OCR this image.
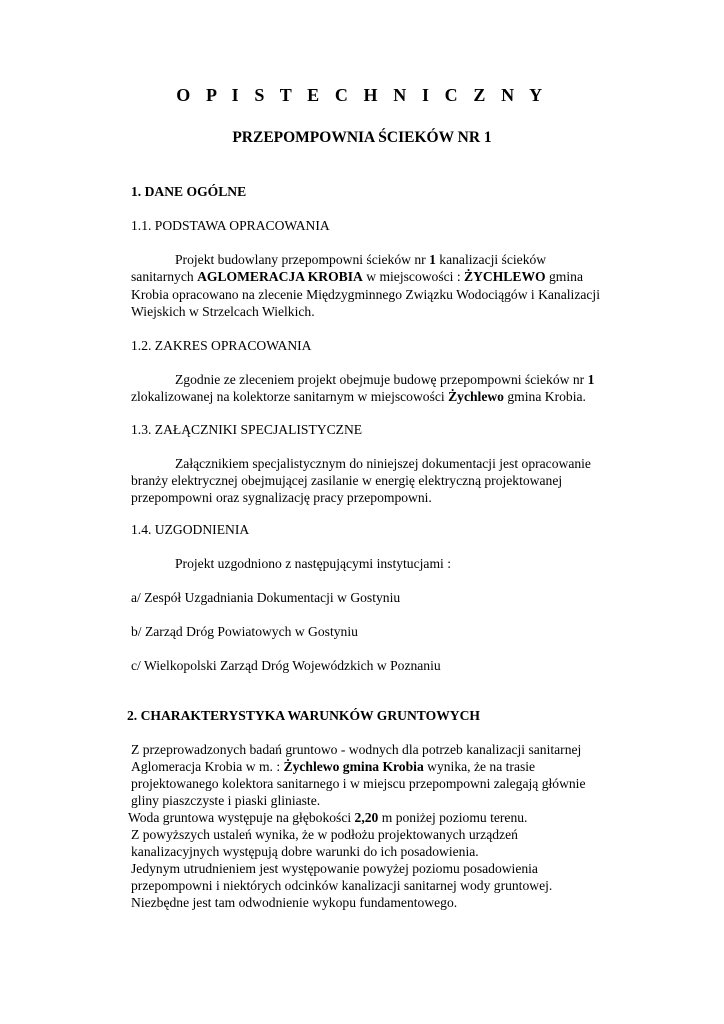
O P I S T E C H N I C Z N Y
PRZEPOMPOWNIA ŚCIEKÓW NR 1
1. DANE OGÓLNE
1.1. PODSTAWA OPRACOWANIA
Projekt budowlany przepompowni ścieków nr 1 kanalizacji ścieków
sanitarnych AGLOMERACJA KROBIA w miejscowości : ŻYCHLEWO gmina
Krobia opracowano na zlecenie Międzygminnego Związku Wodociągów i Kanalizacji
Wiejskich w Strzelcach Wielkich.
1.2. ZAKRES OPRACOWANIA
Zgodnie ze zleceniem projekt obejmuje budowę przepompowni ścieków nr 1
zlokalizowanej na kolektorze sanitarnym w miejscowości Żychlewo gmina Krobia.
1.3. ZAŁĄCZNIKI SPECJALISTYCZNE
Załącznikiem specjalistycznym do niniejszej dokumentacji jest opracowanie
branży elektrycznej obejmującej zasilanie w energię elektryczną projektowanej
przepompowni oraz sygnalizację pracy przepompowni.
1.4. UZGODNIENIA
Projekt uzgodniono z następującymi instytucjami :
a/ Zespół Uzgadniania Dokumentacji w Gostyniu
b/ Zarząd Dróg Powiatowych w Gostyniu
c/ Wielkopolski Zarząd Dróg Wojewódzkich w Poznaniu
2. CHARAKTERYSTYKA WARUNKÓW GRUNTOWYCH
Z przeprowadzonych badań gruntowo - wodnych dla potrzeb kanalizacji sanitarnej
Aglomeracja Krobia w m. : Żychlewo gmina Krobia wynika, że na trasie
projektowanego kolektora sanitarnego i w miejscu przepompowni zalegają głównie
gliny piaszczyste i piaski gliniaste.
Woda gruntowa występuje na głębokości 2,20 m poniżej poziomu terenu.
Z powyższych ustaleń wynika, że w podłożu projektowanych urządzeń
kanalizacyjnych występują dobre warunki do ich posadowienia.
Jedynym utrudnieniem jest występowanie powyżej poziomu posadowienia
przepompowni i niektórych odcinków kanalizacji sanitarnej wody gruntowej.
Niezbędne jest tam odwodnienie wykopu fundamentowego.
